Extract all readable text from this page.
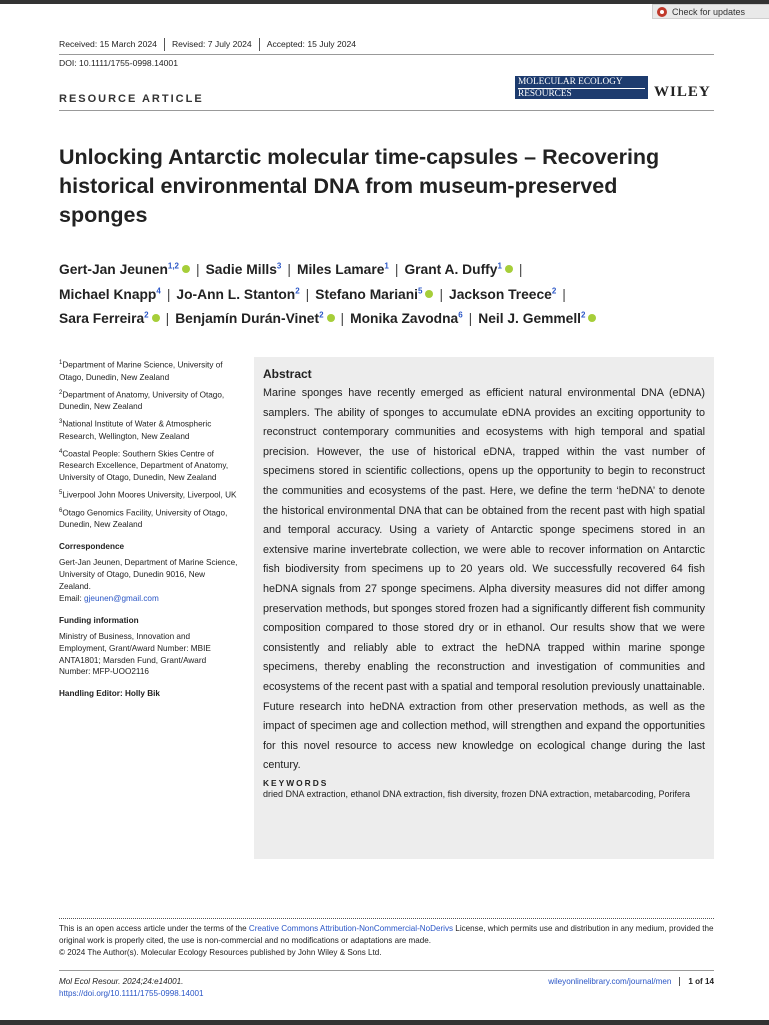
Check for updates
Received: 15 March 2024	Revised: 7 July 2024	Accepted: 15 July 2024
DOI: 10.1111/1755-0998.14001
RESOURCE ARTICLE
MOLECULAR ECOLOGY
RESOURCES	WILEY
Unlocking Antarctic molecular time-capsules – Recovering historical environmental DNA from museum-preserved sponges
Gert-Jan Jeunen$^{1,2}$ | Sadie Mills$^3$ | Miles Lamare$^1$ | Grant A. Duffy$^1$ |
Michael Knapp$^4$ | Jo-Ann L. Stanton$^2$ | Stefano Mariani$^5$ | Jackson Treece$^2$ |
Sara Ferreira$^2$ | Benjamín Durán-Vinet$^2$ | Monika Zavodna$^6$ | Neil J. Gemmell$^2$

$^1$Department of Marine Science, University of Otago, Dunedin, New Zealand

$^2$Department of Anatomy, University of Otago, Dunedin, New Zealand

$^3$National Institute of Water & Atmospheric Research, Wellington, New Zealand

$^4$Coastal People: Southern Skies Centre of Research Excellence, Department of Anatomy, University of Otago, Dunedin, New Zealand

$^5$Liverpool John Moores University, Liverpool, UK

$^6$Otago Genomics Facility, University of Otago, Dunedin, New Zealand

Correspondence

Gert-Jan Jeunen, Department of Marine Science, University of Otago, Dunedin 9016, New Zealand.

Email: gjeunen@gmail.com

Funding information

Ministry of Business, Innovation and Employment, Grant/Award Number: MBIE ANTA1801; Marsden Fund, Grant/Award Number: MFP-UOO2116

Handling Editor: Holly Bik

Abstract
Marine sponges have recently emerged as efficient natural environmental DNA (eDNA) samplers. The ability of sponges to accumulate eDNA provides an exciting opportunity to reconstruct contemporary communities and ecosystems with high temporal and spatial precision. However, the use of historical eDNA, trapped within the vast number of specimens stored in scientific collections, opens up the opportunity to begin to reconstruct the communities and ecosystems of the past. Here, we define the term ‘heDNA’ to denote the historical environmental DNA that can be obtained from the recent past with high spatial and temporal accuracy. Using a variety of Antarctic sponge specimens stored in an extensive marine invertebrate collection, we were able to recover information on Antarctic fish biodiversity from specimens up to 20 years old. We successfully recovered 64 fish heDNA signals from 27 sponge specimens. Alpha diversity measures did not differ among preservation methods, but sponges stored frozen had a significantly different fish community composition compared to those stored dry or in ethanol. Our results show that we were consistently and reliably able to extract the heDNA trapped within marine sponge specimens, thereby enabling the reconstruction and investigation of communities and ecosystems of the recent past with a spatial and temporal resolution previously unattainable. Future research into heDNA extraction from other preservation methods, as well as the impact of specimen age and collection method, will strengthen and expand the opportunities for this novel resource to access new knowledge on ecological change during the last century.
KEYWORDS
dried DNA extraction, ethanol DNA extraction, fish diversity, frozen DNA extraction, metabarcoding, Porifera
This is an open access article under the terms of the Creative Commons Attribution-NonCommercial-NoDerivs License, which permits use and distribution in any medium, provided the original work is properly cited, the use is non-commercial and no modifications or adaptations are made.
© 2024 The Author(s). Molecular Ecology Resources published by John Wiley & Sons Ltd.
Mol Ecol Resour. 2024;24:e14001.
https://doi.org/10.1111/1755-0998.14001
wileyonlinelibrary.com/journal/men	1 of 14
